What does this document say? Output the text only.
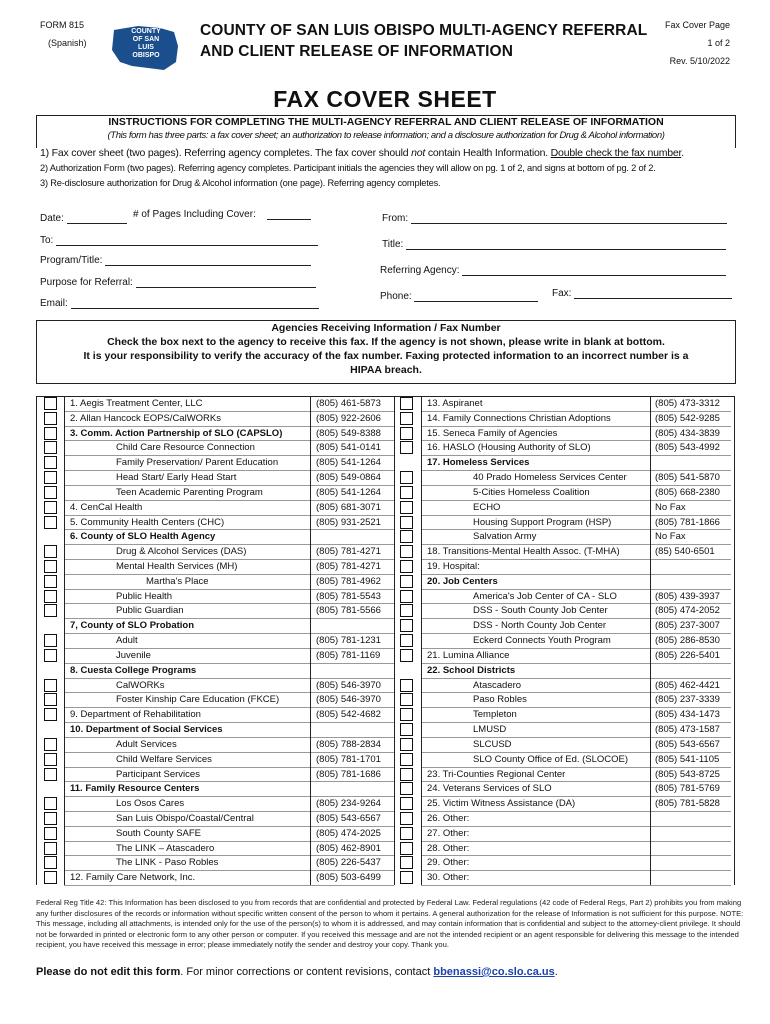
FORM 815
(Spanish)
COUNTY
OF SAN LUIS
OBISPO
COUNTY OF SAN LUIS OBISPO MULTI-AGENCY REFERRAL
AND CLIENT RELEASE OF INFORMATION
Fax Cover Page
1 of 2
Rev. 5/10/2022
FAX COVER SHEET
INSTRUCTIONS FOR COMPLETING THE MULTI-AGENCY REFERRAL AND CLIENT RELEASE OF INFORMATION
(This form has three parts: a fax cover sheet; an authorization to release information; and a disclosure authorization for Drug & Alcohol information)
1) Fax cover sheet (two pages). Referring agency completes. The fax cover should not contain Health Information. Double check the fax number.
2) Authorization Form (two pages). Referring agency completes. Participant initials the agencies they will allow on pg. 1 of 2, and signs at bottom of pg. 2 of 2.
3) Re-disclosure authorization for Drug & Alcohol information (one page). Referring agency completes.
Date:	# of Pages Including Cover:
To:
Program/Title:
Purpose for Referral:
Email:
From:
Title:
Referring Agency:
Phone:	Fax:
Agencies Receiving Information / Fax Number
Check the box next to the agency to receive this fax. If the agency is not shown, please write in blank at bottom.
It is your responsibility to verify the accuracy of the fax number. Faxing protected information to an incorrect number is a
HIPAA breach.
1. Aegis Treatment Center, LLC	(805) 461-5873
2. Allan Hancock EOPS/CalWORKs	(805) 922-2606
3. Comm. Action Partnership of SLO (CAPSLO)	(805) 549-8388
Child Care Resource Connection	(805) 541-0141
Family Preservation/ Parent Education	(805) 541-1264
Head Start/ Early Head Start	(805) 549-0864
Teen Academic Parenting Program	(805) 541-1264
4. CenCal Health	(805) 681-3071
5. Community Health Centers (CHC)	(805) 931-2521
6. County of SLO Health Agency
Drug & Alcohol Services (DAS)	(805) 781-4271
Mental Health Services (MH)	(805) 781-4271
Martha's Place	(805) 781-4962
Public Health	(805) 781-5543
Public Guardian	(805) 781-5566
7, County of SLO Probation
Adult	(805) 781-1231
Juvenile	(805) 781-1169
8. Cuesta College Programs
CalWORKs	(805) 546-3970
Foster Kinship Care Education (FKCE)	(805) 546-3970
9. Department of Rehabilitation	(805) 542-4682
10. Department of Social Services
Adult Services	(805) 788-2834
Child Welfare Services	(805) 781-1701
Participant Services	(805) 781-1686
11. Family Resource Centers
Los Osos Cares	(805) 234-9264
San Luis Obispo/Coastal/Central	(805) 543-6567
South County SAFE	(805) 474-2025
The LINK – Atascadero	(805) 462-8901
The LINK - Paso Robles	(805) 226-5437
12. Family Care Network, Inc.	(805) 503-6499
13. Aspiranet	(805) 473-3312
14. Family Connections Christian Adoptions	(805) 542-9285
15. Seneca Family of Agencies	(805) 434-3839
16. HASLO (Housing Authority of SLO)	(805) 543-4992
17. Homeless Services
40 Prado Homeless Services Center	(805) 541-5870
5-Cities Homeless Coalition	(805) 668-2380
ECHO	No Fax
Housing Support Program (HSP)	(805) 781-1866
Salvation Army	No Fax
18. Transitions-Mental Health Assoc. (T-MHA)	(85) 540-6501
19. Hospital:
20. Job Centers
America's Job Center of CA - SLO	(805) 439-3937
DSS - South County Job Center	(805) 474-2052
DSS - North County Job Center	(805) 237-3007
Eckerd Connects Youth Program	(805) 286-8530
21. Lumina Alliance	(805) 226-5401
22. School Districts
Atascadero	(805) 462-4421
Paso Robles	(805) 237-3339
Templeton	(805) 434-1473
LMUSD	(805) 473-1587
SLCUSD	(805) 543-6567
SLO County Office of Ed. (SLOCOE)	(805) 541-1105
23. Tri-Counties Regional Center	(805) 543-8725
24. Veterans Services of SLO	(805) 781-5769
25. Victim Witness Assistance (DA)	(805) 781-5828
26. Other:
27. Other:
28. Other:
29. Other:
30. Other:
Federal Reg Title 42: This Information has been disclosed to you from records that are confidential and protected by Federal Law. Federal regulations (42 code of Federal Regs, Part 2) prohibits you from making any further disclosures of the records or information without specific written consent of the person to whom it pertains. A general authorization for the release of Information is not sufficient for this purpose. NOTE: This message, including all attachments, is intended only for the use of the person(s) to whom it is addressed, and may contain information that is confidential and subject to the attorney-client privilege. It should not be forwarded in printed or electronic form to any other person or computer. If you received this message and are not the intended recipient or an agent responsible for delivering this message to the intended recipient, you have received this message in error; please immediately notify the sender and destroy your copy. Thank you.
Please do not edit this form. For minor corrections or content revisions, contact bbenassi@co.slo.ca.us.
